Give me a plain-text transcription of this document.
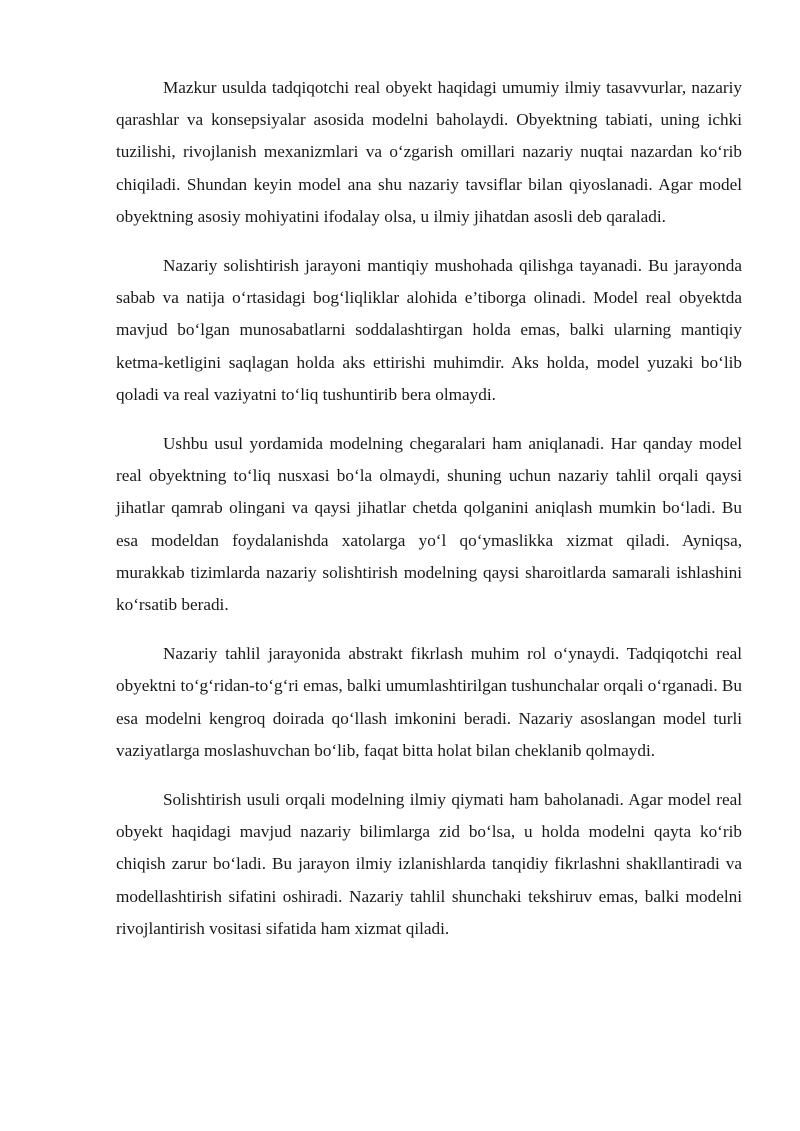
Mazkur usulda tadqiqotchi real obyekt haqidagi umumiy ilmiy tasavvurlar, nazariy qarashlar va konsepsiyalar asosida modelni baholaydi. Obyektning tabiati, uning ichki tuzilishi, rivojlanish mexanizmlari va o‘zgarish omillari nazariy nuqtai nazardan ko‘rib chiqiladi. Shundan keyin model ana shu nazariy tavsiflar bilan qiyoslanadi. Agar model obyektning asosiy mohiyatini ifodalay olsa, u ilmiy jihatdan asosli deb qaraladi.

Nazariy solishtirish jarayoni mantiqiy mushohada qilishga tayanadi. Bu jarayonda sabab va natija o‘rtasidagi bog‘liqliklar alohida e’tiborga olinadi. Model real obyektda mavjud bo‘lgan munosabatlarni soddalashtirgan holda emas, balki ularning mantiqiy ketma-ketligini saqlagan holda aks ettirishi muhimdir. Aks holda, model yuzaki bo‘lib qoladi va real vaziyatni to‘liq tushuntirib bera olmaydi.

Ushbu usul yordamida modelning chegaralari ham aniqlanadi. Har qanday model real obyektning to‘liq nusxasi bo‘la olmaydi, shuning uchun nazariy tahlil orqali qaysi jihatlar qamrab olingani va qaysi jihatlar chetda qolganini aniqlash mumkin bo‘ladi. Bu esa modeldan foydalanishda xatolarga yo‘l qo‘ymaslikka xizmat qiladi. Ayniqsa, murakkab tizimlarda nazariy solishtirish modelning qaysi sharoitlarda samarali ishlashini ko‘rsatib beradi.

Nazariy tahlil jarayonida abstrakt fikrlash muhim rol o‘ynaydi. Tadqiqotchi real obyektni to‘g‘ridan-to‘g‘ri emas, balki umumlashtirilgan tushunchalar orqali o‘rganadi. Bu esa modelni kengroq doirada qo‘llash imkonini beradi. Nazariy asoslangan model turli vaziyatlarga moslashuvchan bo‘lib, faqat bitta holat bilan cheklanib qolmaydi.

Solishtirish usuli orqali modelning ilmiy qiymati ham baholanadi. Agar model real obyekt haqidagi mavjud nazariy bilimlarga zid bo‘lsa, u holda modelni qayta ko‘rib chiqish zarur bo‘ladi. Bu jarayon ilmiy izlanishlarda tanqidiy fikrlashni shakllantiradi va modellashtirish sifatini oshiradi. Nazariy tahlil shunchaki tekshiruv emas, balki modelni rivojlantirish vositasi sifatida ham xizmat qiladi.
